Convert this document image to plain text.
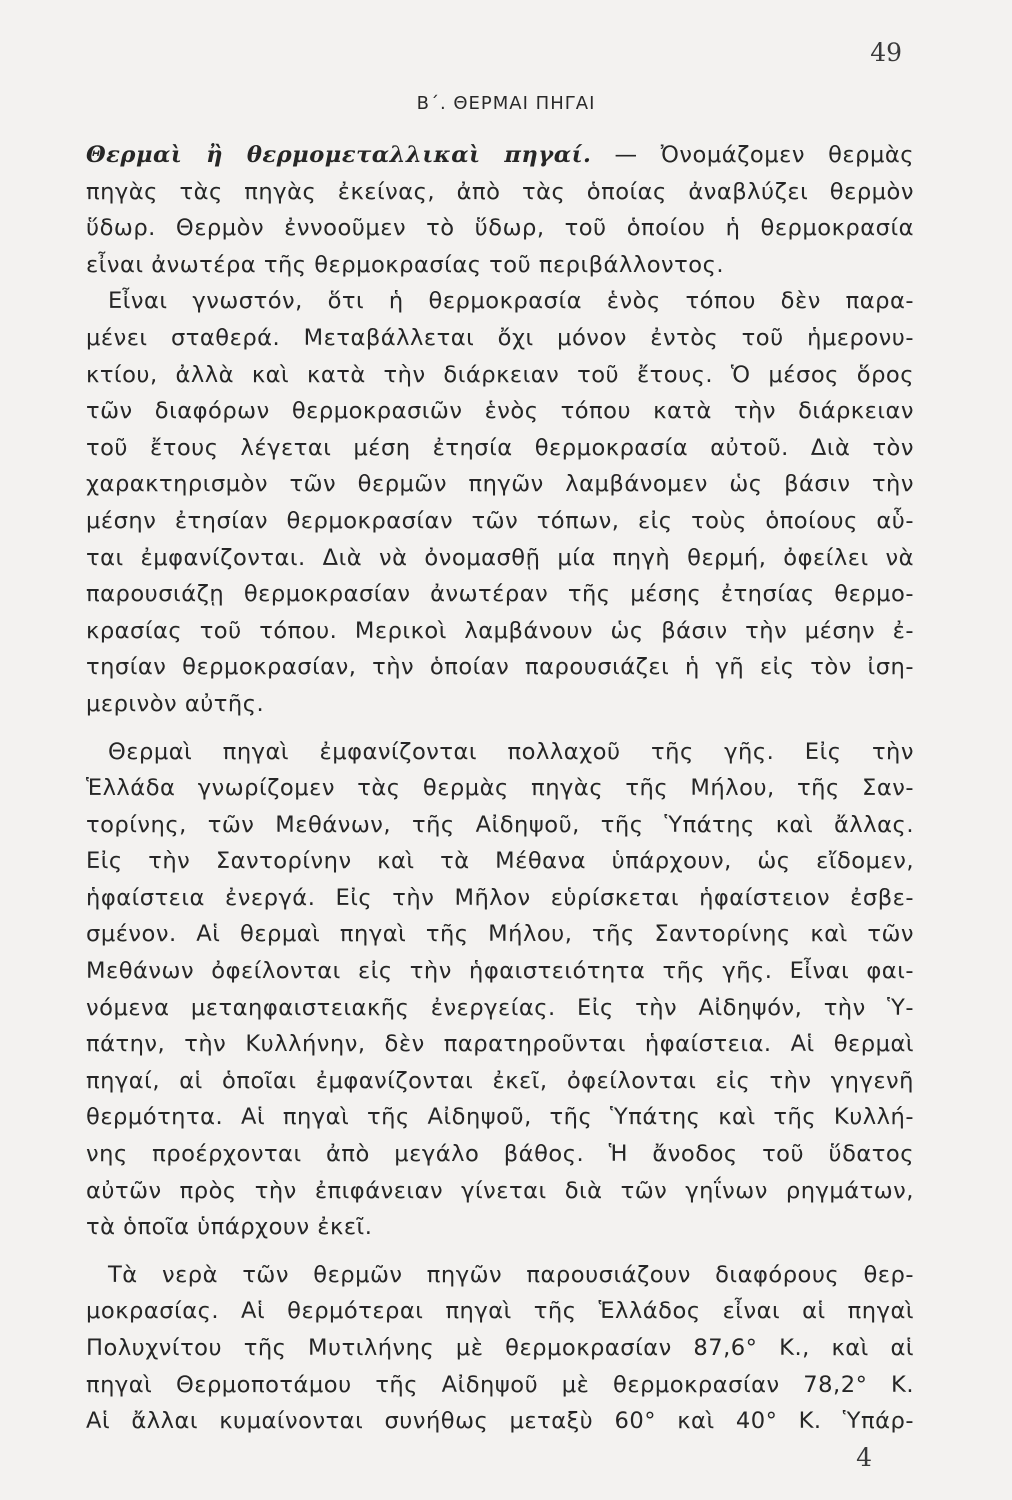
49
Β΄. ΘΕΡΜΑΙ ΠΗΓΑΙ
Θερμαὶ ἢ θερμομεταλλικαὶ πηγαί. — Ὀνομάζομεν θερμὰς
πηγὰς τὰς πηγὰς ἐκείνας, ἀπὸ τὰς ὁποίας ἀναβλύζει θερμὸν
ὕδωρ. Θερμὸν ἐννοοῦμεν τὸ ὕδωρ, τοῦ ὁποίου ἡ θερμοκρασία
εἶναι ἀνωτέρα τῆς θερμοκρασίας τοῦ περιβάλλοντος.
Εἶναι γνωστόν, ὅτι ἡ θερμοκρασία ἑνὸς τόπου δὲν παρα-
μένει σταθερά. Μεταβάλλεται ὄχι μόνον ἐντὸς τοῦ ἡμερονυ-
κτίου, ἀλλὰ καὶ κατὰ τὴν διάρκειαν τοῦ ἔτους. Ὁ μέσος ὅρος
τῶν διαφόρων θερμοκρασιῶν ἑνὸς τόπου κατὰ τὴν διάρκειαν
τοῦ ἔτους λέγεται μέση ἐτησία θερμοκρασία αὐτοῦ. Διὰ τὸν
χαρακτηρισμὸν τῶν θερμῶν πηγῶν λαμβάνομεν ὡς βάσιν τὴν
μέσην ἐτησίαν θερμοκρασίαν τῶν τόπων, εἰς τοὺς ὁποίους αὗ-
ται ἐμφανίζονται. Διὰ νὰ ὀνομασθῇ μία πηγὴ θερμή, ὀφείλει νὰ
παρουσιάζῃ θερμοκρασίαν ἀνωτέραν τῆς μέσης ἐτησίας θερμο-
κρασίας τοῦ τόπου. Μερικοὶ λαμβάνουν ὡς βάσιν τὴν μέσην ἐ-
τησίαν θερμοκρασίαν, τὴν ὁποίαν παρουσιάζει ἡ γῆ εἰς τὸν ἰση-
μερινὸν αὐτῆς.
Θερμαὶ πηγαὶ ἐμφανίζονται πολλαχοῦ τῆς γῆς. Εἰς τὴν
Ἑλλάδα γνωρίζομεν τὰς θερμὰς πηγὰς τῆς Μήλου, τῆς Σαν-
τορίνης, τῶν Μεθάνων, τῆς Αἰδηψοῦ, τῆς Ὑπάτης καὶ ἄλλας.
Εἰς τὴν Σαντορίνην καὶ τὰ Μέθανα ὑπάρχουν, ὡς εἴδομεν,
ἡφαίστεια ἐνεργά. Εἰς τὴν Μῆλον εὑρίσκεται ἡφαίστειον ἐσβε-
σμένον. Αἱ θερμαὶ πηγαὶ τῆς Μήλου, τῆς Σαντορίνης καὶ τῶν
Μεθάνων ὀφείλονται εἰς τὴν ἡφαιστειότητα τῆς γῆς. Εἶναι φαι-
νόμενα μεταηφαιστειακῆς ἐνεργείας. Εἰς τὴν Αἰδηψόν, τὴν Ὑ-
πάτην, τὴν Κυλλήνην, δὲν παρατηροῦνται ἡφαίστεια. Αἱ θερμαὶ
πηγαί, αἱ ὁποῖαι ἐμφανίζονται ἐκεῖ, ὀφείλονται εἰς τὴν γηγενῆ
θερμότητα. Αἱ πηγαὶ τῆς Αἰδηψοῦ, τῆς Ὑπάτης καὶ τῆς Κυλλή-
νης προέρχονται ἀπὸ μεγάλο βάθος. Ἡ ἄνοδος τοῦ ὕδατος
αὐτῶν πρὸς τὴν ἐπιφάνειαν γίνεται διὰ τῶν γηΐνων ρηγμάτων,
τὰ ὁποῖα ὑπάρχουν ἐκεῖ.
Τὰ νερὰ τῶν θερμῶν πηγῶν παρουσιάζουν διαφόρους θερ-
μοκρασίας. Αἱ θερμότεραι πηγαὶ τῆς Ἑλλάδος εἶναι αἱ πηγαὶ
Πολυχνίτου τῆς Μυτιλήνης μὲ θερμοκρασίαν 87,6° Κ., καὶ αἱ
πηγαὶ Θερμοποτάμου τῆς Αἰδηψοῦ μὲ θερμοκρασίαν 78,2° Κ.
Αἱ ἄλλαι κυμαίνονται συνήθως μεταξὺ 60° καὶ 40° Κ. Ὑπάρ-
4
